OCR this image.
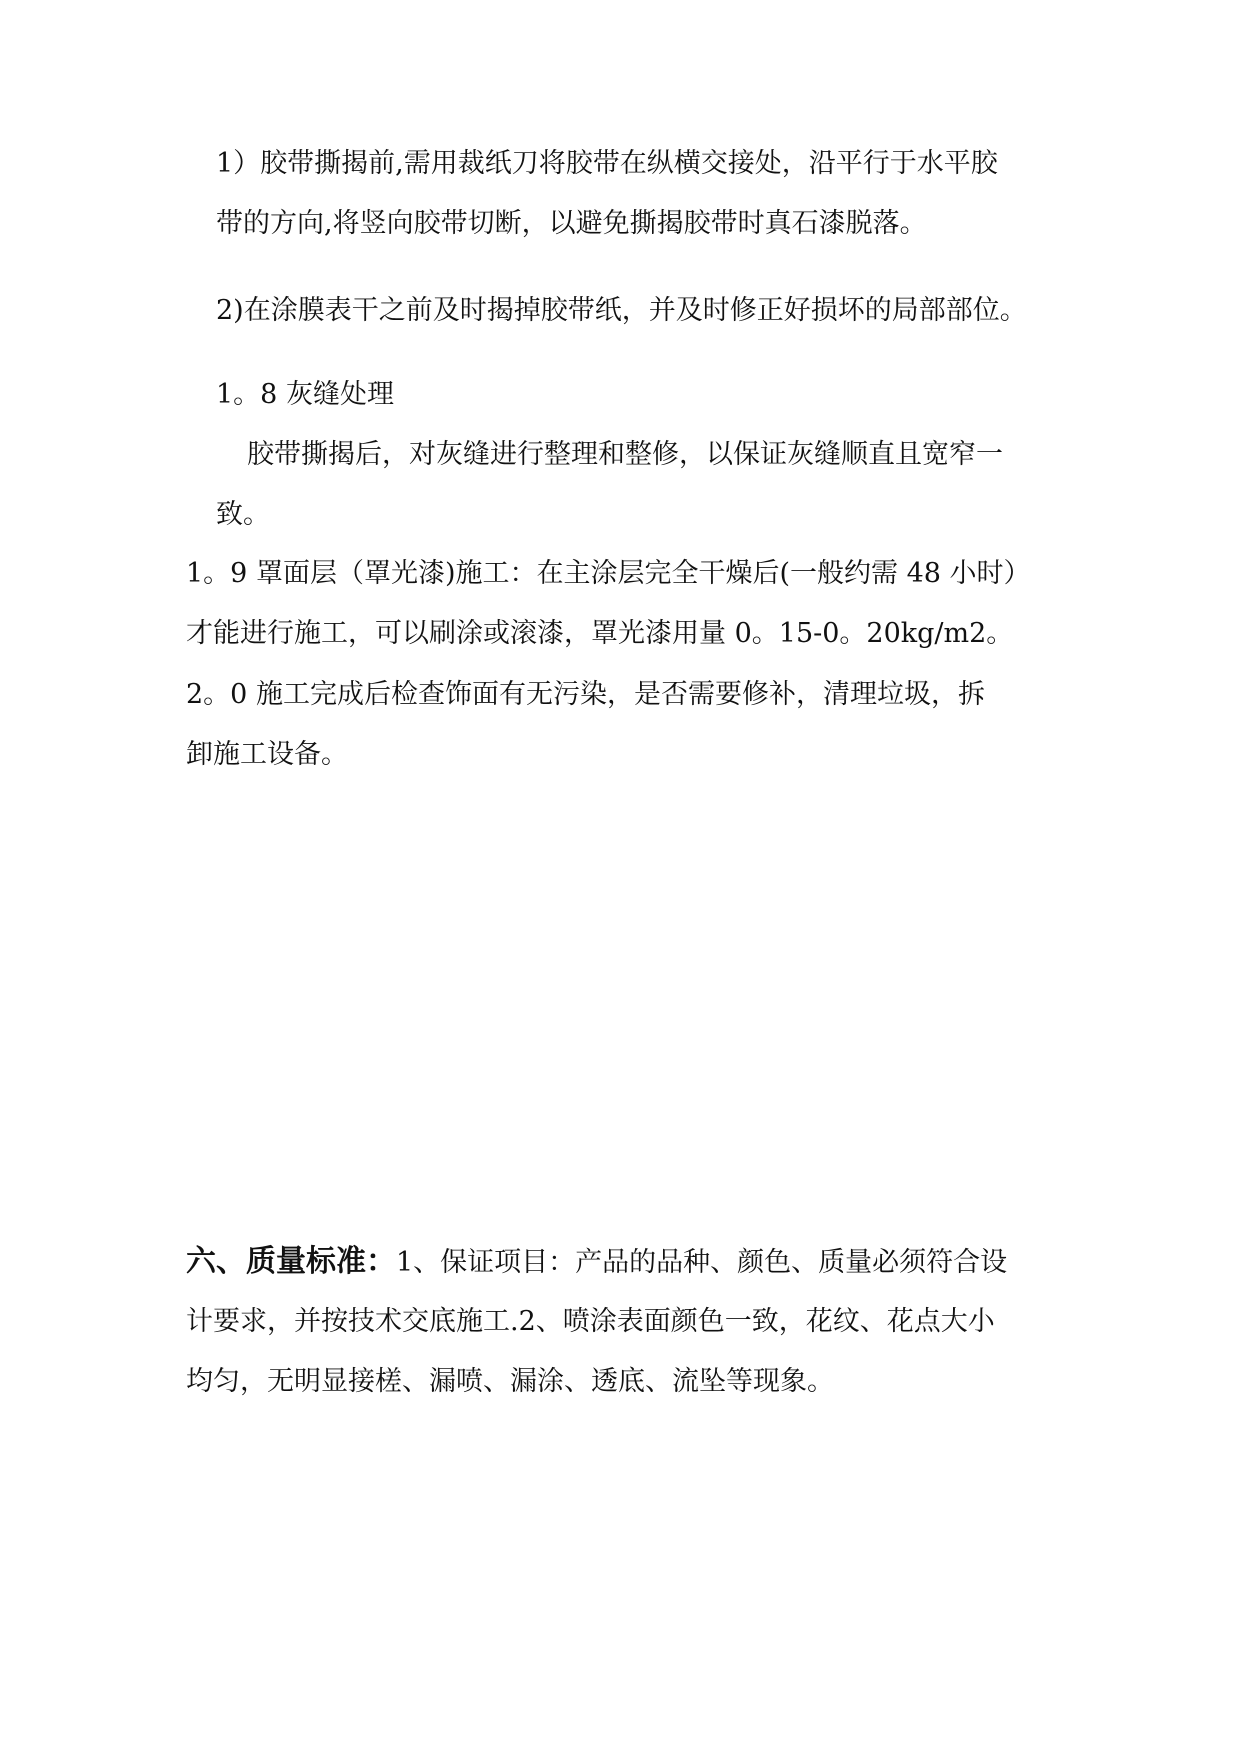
1）胶带撕揭前,需用裁纸刀将胶带在纵横交接处，沿平行于水平胶
带的方向,将竖向胶带切断，以避免撕揭胶带时真石漆脱落。
2)在涂膜表干之前及时揭掉胶带纸，并及时修正好损坏的局部部位。
1。8 灰缝处理
胶带撕揭后，对灰缝进行整理和整修，以保证灰缝顺直且宽窄一
致。
1。9 罩面层（罩光漆)施工：在主涂层完全干燥后(一般约需 48 小时）
才能进行施工，可以刷涂或滚漆，罩光漆用量 0。15-0。20kg/m2。
2。0 施工完成后检查饰面有无污染，是否需要修补，清理垃圾，拆
卸施工设备。
六、质量标准：1、保证项目：产品的品种、颜色、质量必须符合设
计要求，并按技术交底施工.2、喷涂表面颜色一致，花纹、花点大小
均匀，无明显接槎、漏喷、漏涂、透底、流坠等现象。
